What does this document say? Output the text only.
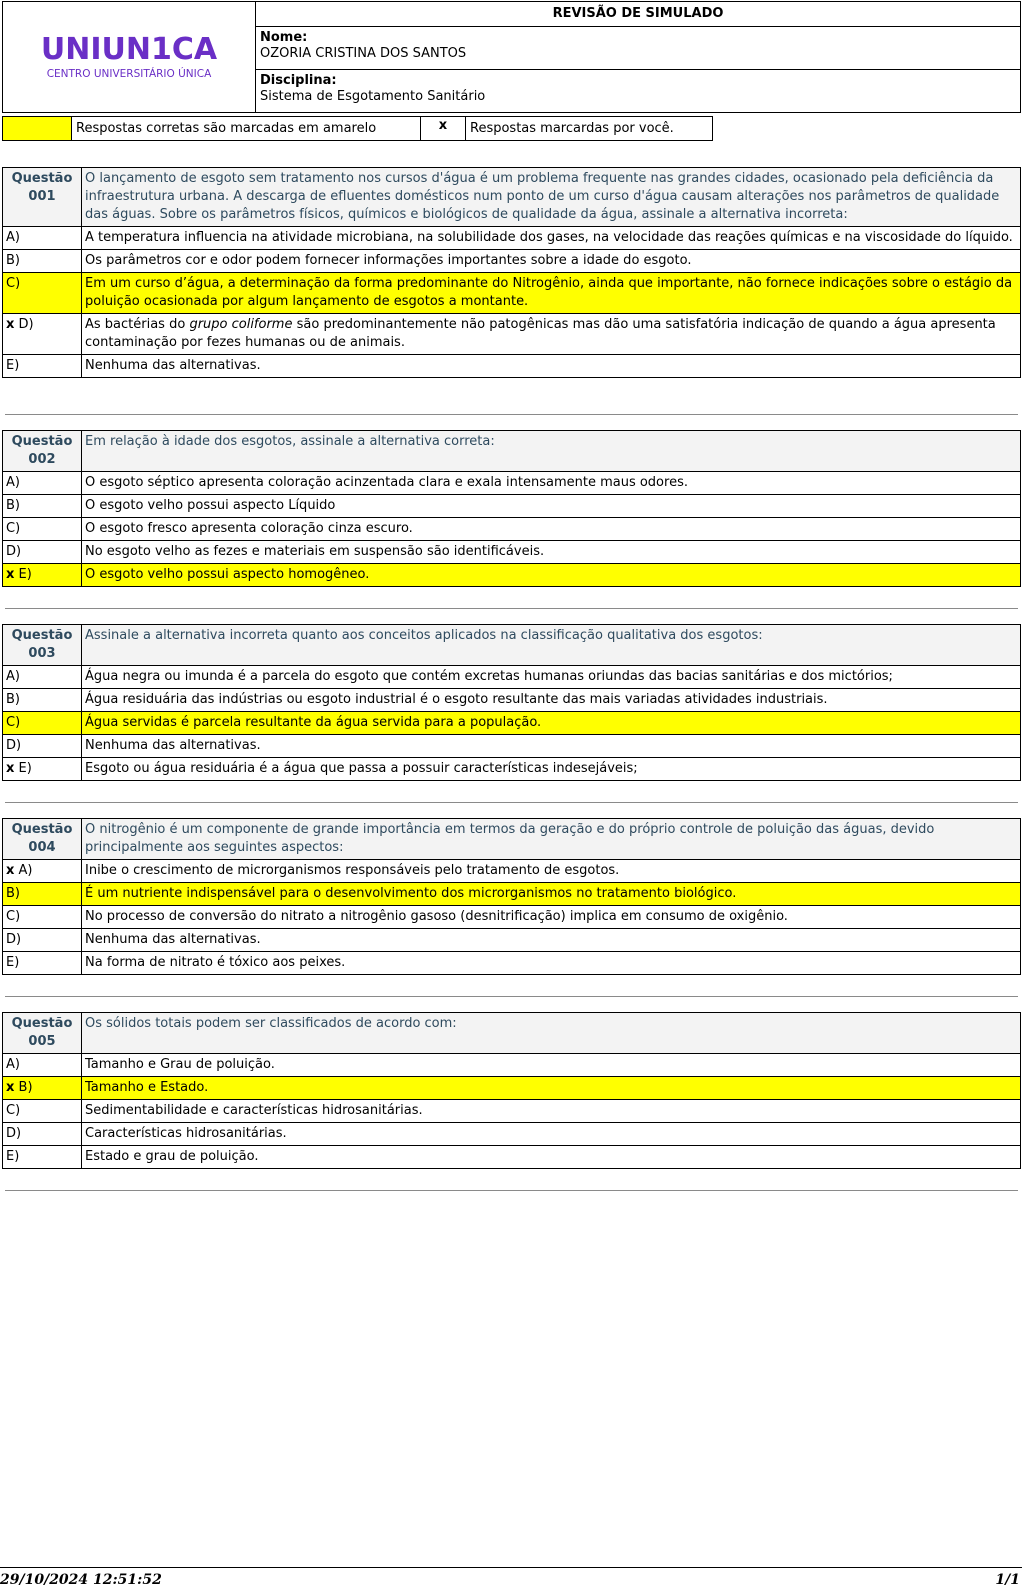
UNIUN1CA
CENTRO UNIVERSITÁRIO ÚNICA
REVISÃO DE SIMULADO
Nome:
OZORIA CRISTINA DOS SANTOS
Disciplina:
Sistema de Esgotamento Sanitário
Respostas corretas são marcadas em amarelo	x	Respostas marcardas por você.
Questão
001	O lançamento de esgoto sem tratamento nos cursos d'água é um problema frequente nas grandes cidades, ocasionado pela deficiência da infraestrutura urbana. A descarga de efluentes domésticos num ponto de um curso d'água causam alterações nos parâmetros de qualidade das águas. Sobre os parâmetros físicos, químicos e biológicos de qualidade da água, assinale a alternativa incorreta:
A)	A temperatura influencia na atividade microbiana, na solubilidade dos gases, na velocidade das reações químicas e na viscosidade do líquido.
B)	Os parâmetros cor e odor podem fornecer informações importantes sobre a idade do esgoto.
C)	Em um curso d’água, a determinação da forma predominante do Nitrogênio, ainda que importante, não fornece indicações sobre o estágio da poluição ocasionada por algum lançamento de esgotos a montante.
x D)	As bactérias do grupo coliforme são predominantemente não patogênicas mas dão uma satisfatória indicação de quando a água apresenta contaminação por fezes humanas ou de animais.
E)	Nenhuma das alternativas.
Questão
002	Em relação à idade dos esgotos, assinale a alternativa correta:
A)	O esgoto séptico apresenta coloração acinzentada clara e exala intensamente maus odores.
B)	O esgoto velho possui aspecto Líquido
C)	O esgoto fresco apresenta coloração cinza escuro.
D)	No esgoto velho as fezes e materiais em suspensão são identificáveis.
x E)	O esgoto velho possui aspecto homogêneo.
Questão
003	Assinale a alternativa incorreta quanto aos conceitos aplicados na classificação qualitativa dos esgotos:
A)	Água negra ou imunda é a parcela do esgoto que contém excretas humanas oriundas das bacias sanitárias e dos mictórios;
B)	Água residuária das indústrias ou esgoto industrial é o esgoto resultante das mais variadas atividades industriais.
C)	Água servidas é parcela resultante da água servida para a população.
D)	Nenhuma das alternativas.
x E)	Esgoto ou água residuária é a água que passa a possuir características indesejáveis;
Questão
004	O nitrogênio é um componente de grande importância em termos da geração e do próprio controle de poluição das águas, devido principalmente aos seguintes aspectos:
x A)	Inibe o crescimento de microrganismos responsáveis pelo tratamento de esgotos.
B)	É um nutriente indispensável para o desenvolvimento dos microrganismos no tratamento biológico.
C)	No processo de conversão do nitrato a nitrogênio gasoso (desnitrificação) implica em consumo de oxigênio.
D)	Nenhuma das alternativas.
E)	Na forma de nitrato é tóxico aos peixes.
Questão
005	Os sólidos totais podem ser classificados de acordo com:
A)	Tamanho e Grau de poluição.
x B)	Tamanho e Estado.
C)	Sedimentabilidade e características hidrosanitárias.
D)	Características hidrosanitárias.
E)	Estado e grau de poluição.
29/10/2024 12:51:52	1/1
